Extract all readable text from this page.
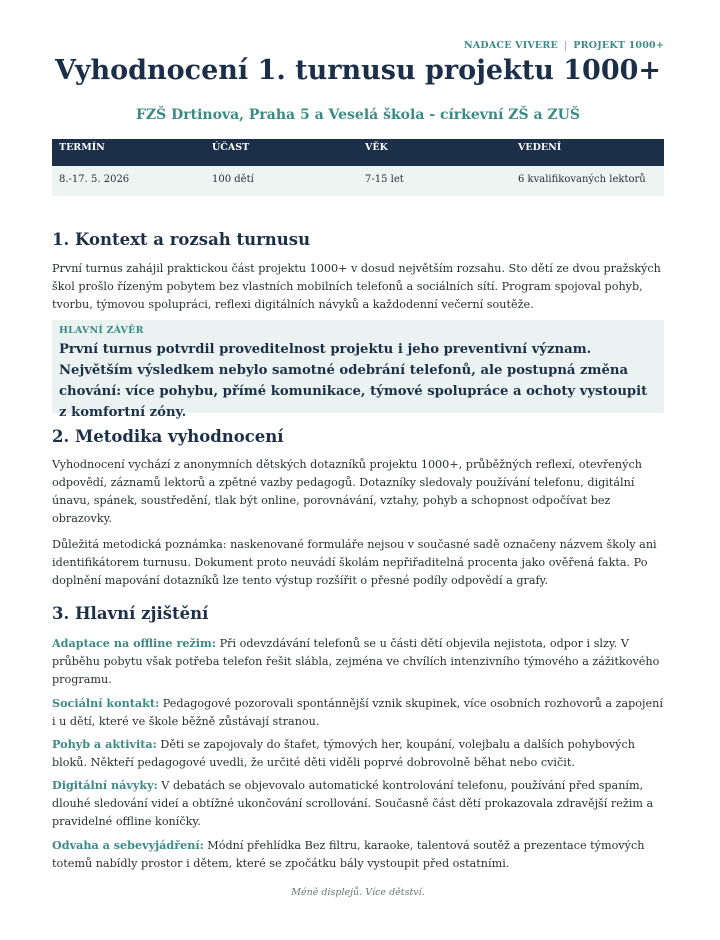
NADACE VIVERE | PROJEKT 1000+
Vyhodnocení 1. turnusu projektu 1000+
FZŠ Drtinova, Praha 5 a Veselá škola - církevní ZŠ a ZUŠ
TERMÍN	ÚČAST	VĚK	VEDENÍ
8.-17. 5. 2026	100 dětí	7-15 let	6 kvalifikovaných lektorů
1. Kontext a rozsah turnusu

První turnus zahájil praktickou část projektu 1000+ v dosud největším rozsahu. Sto dětí ze dvou pražských škol prošlo řízeným pobytem bez vlastních mobilních telefonů a sociálních sítí. Program spojoval pohyb, tvorbu, týmovou spolupráci, reflexi digitálních návyků a každodenní večerní soutěže.

HLAVNÍ ZÁVĚR
První turnus potvrdil proveditelnost projektu i jeho preventivní význam. Největším výsledkem nebylo samotné odebrání telefonů, ale postupná změna chování: více pohybu, přímé komunikace, týmové spolupráce a ochoty vystoupit z komfortní zóny.
2. Metodika vyhodnocení

Vyhodnocení vychází z anonymních dětských dotazníků projektu 1000+, průběžných reflexí, otevřených odpovědí, záznamů lektorů a zpětné vazby pedagogů. Dotazníky sledovaly používání telefonu, digitální únavu, spánek, soustředění, tlak být online, porovnávání, vztahy, pohyb a schopnost odpočívat bez obrazovky.

Důležitá metodická poznámka: naskenované formuláře nejsou v současné sadě označeny názvem školy ani identifikátorem turnusu. Dokument proto neuvádí školám nepřiřaditelná procenta jako ověřená fakta. Po doplnění mapování dotazníků lze tento výstup rozšířit o přesné podíly odpovědí a grafy.

3. Hlavní zjištění
Adaptace na offline režim: Při odevzdávání telefonů se u části dětí objevila nejistota, odpor i slzy. V průběhu pobytu však potřeba telefon řešit slábla, zejména ve chvílích intenzivního týmového a zážitkového programu.
Sociální kontakt: Pedagogové pozorovali spontánnější vznik skupinek, více osobních rozhovorů a zapojení i u dětí, které ve škole běžně zůstávají stranou.
Pohyb a aktivita: Děti se zapojovaly do štafet, týmových her, koupání, volejbalu a dalších pohybových bloků. Někteří pedagogové uvedli, že určité děti viděli poprvé dobrovolně běhat nebo cvičit.
Digitální návyky: V debatách se objevovalo automatické kontrolování telefonu, používání před spaním, dlouhé sledování videí a obtížné ukončování scrollování. Současně část dětí prokazovala zdravější režim a pravidelné offline koníčky.
Odvaha a sebevyjádření: Módní přehlídka Bez filtru, karaoke, talentová soutěž a prezentace týmových totemů nabídly prostor i dětem, které se zpočátku bály vystoupit před ostatními.
Méně displejů. Více dětství.
